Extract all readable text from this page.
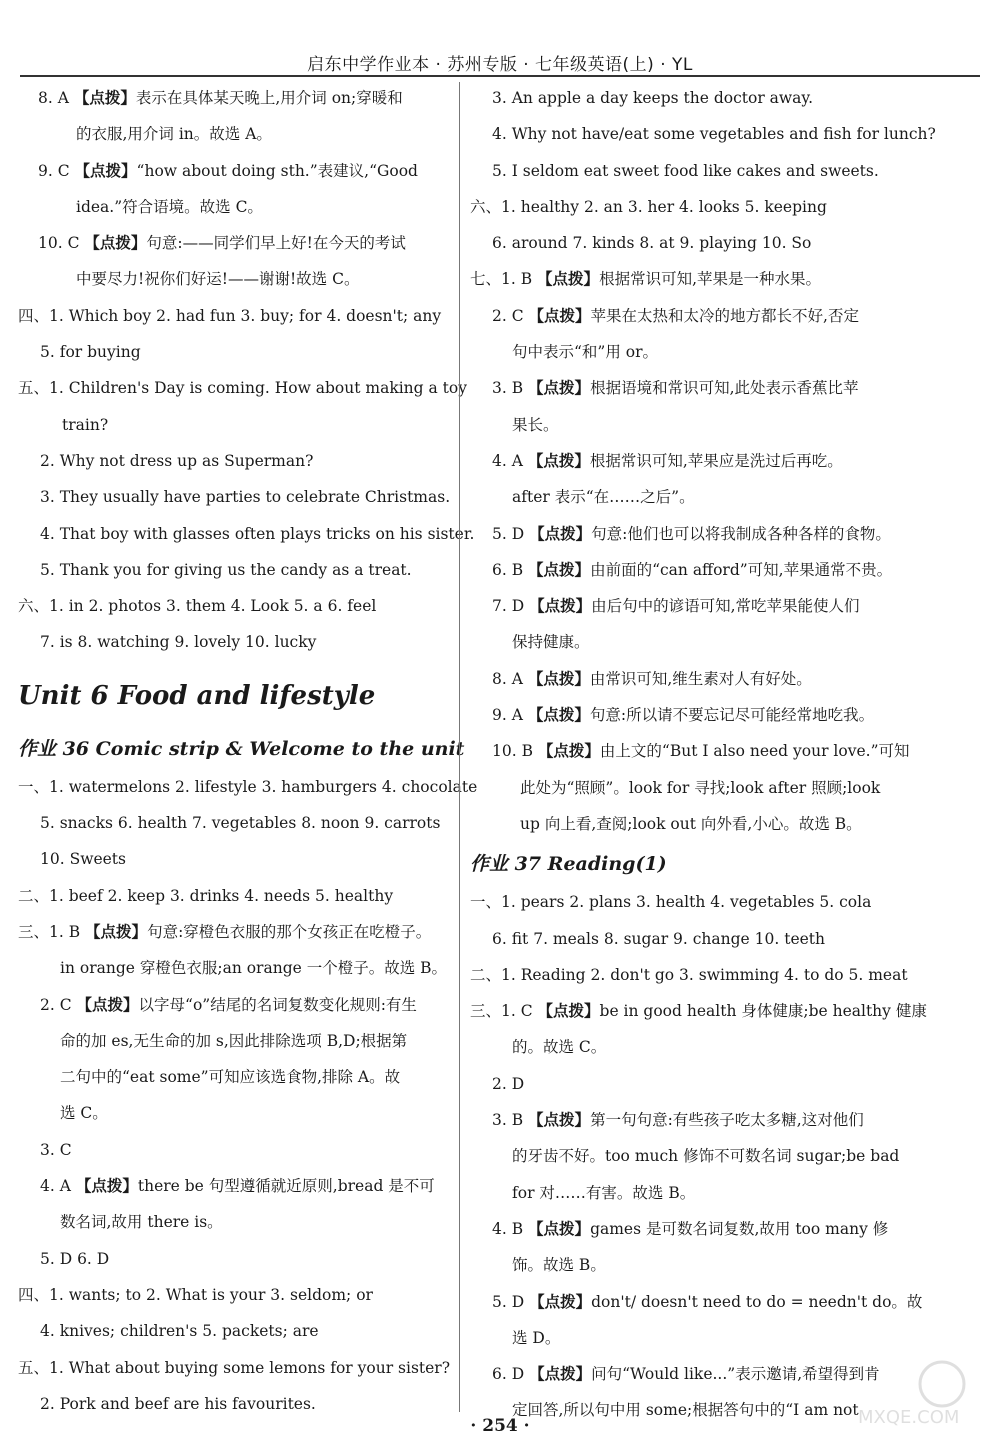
启东中学作业本 · 苏州专版 · 七年级英语(上) · YL
8. A 【点拨】表示在具体某天晚上,用介词 on;穿暖和
的衣服,用介词 in。故选 A。
9. C 【点拨】“how about doing sth.”表建议,“Good
idea.”符合语境。故选 C。
10. C 【点拨】句意:——同学们早上好!在今天的考试
中要尽力!祝你们好运!——谢谢!故选 C。
四、1. Which boy 2. had fun 3. buy; for 4. doesn't; any
5. for buying
五、1. Children's Day is coming. How about making a toy
train?
2. Why not dress up as Superman?
3. They usually have parties to celebrate Christmas.
4. That boy with glasses often plays tricks on his sister.
5. Thank you for giving us the candy as a treat.
六、1. in 2. photos 3. them 4. Look 5. a 6. feel
7. is 8. watching 9. lovely 10. lucky
Unit 6 Food and lifestyle
作业 36 Comic strip & Welcome to the unit
一、1. watermelons 2. lifestyle 3. hamburgers 4. chocolate
5. snacks 6. health 7. vegetables 8. noon 9. carrots
10. Sweets
二、1. beef 2. keep 3. drinks 4. needs 5. healthy
三、1. B 【点拨】句意:穿橙色衣服的那个女孩正在吃橙子。
in orange 穿橙色衣服;an orange 一个橙子。故选 B。
2. C 【点拨】以字母“o”结尾的名词复数变化规则:有生
命的加 es,无生命的加 s,因此排除选项 B,D;根据第
二句中的“eat some”可知应该选食物,排除 A。故
选 C。
3. C
4. A 【点拨】there be 句型遵循就近原则,bread 是不可
数名词,故用 there is。
5. D 6. D
四、1. wants; to 2. What is your 3. seldom; or
4. knives; children's 5. packets; are
五、1. What about buying some lemons for your sister?
2. Pork and beef are his favourites.
3. An apple a day keeps the doctor away.
4. Why not have/eat some vegetables and fish for lunch?
5. I seldom eat sweet food like cakes and sweets.
六、1. healthy 2. an 3. her 4. looks 5. keeping
6. around 7. kinds 8. at 9. playing 10. So
七、1. B 【点拨】根据常识可知,苹果是一种水果。
2. C 【点拨】苹果在太热和太冷的地方都长不好,否定
句中表示“和”用 or。
3. B 【点拨】根据语境和常识可知,此处表示香蕉比苹
果长。
4. A 【点拨】根据常识可知,苹果应是洗过后再吃。
after 表示“在……之后”。
5. D 【点拨】句意:他们也可以将我制成各种各样的食物。
6. B 【点拨】由前面的“can afford”可知,苹果通常不贵。
7. D 【点拨】由后句中的谚语可知,常吃苹果能使人们
保持健康。
8. A 【点拨】由常识可知,维生素对人有好处。
9. A 【点拨】句意:所以请不要忘记尽可能经常地吃我。
10. B 【点拨】由上文的“But I also need your love.”可知
此处为“照顾”。look for 寻找;look after 照顾;look
up 向上看,查阅;look out 向外看,小心。故选 B。
作业 37 Reading(1)
一、1. pears 2. plans 3. health 4. vegetables 5. cola
6. fit 7. meals 8. sugar 9. change 10. teeth
二、1. Reading 2. don't go 3. swimming 4. to do 5. meat
三、1. C 【点拨】be in good health 身体健康;be healthy 健康
的。故选 C。
2. D
3. B 【点拨】第一句句意:有些孩子吃太多糖,这对他们
的牙齿不好。too much 修饰不可数名词 sugar;be bad
for 对……有害。故选 B。
4. B 【点拨】games 是可数名词复数,故用 too many 修
饰。故选 B。
5. D 【点拨】don't/ doesn't need to do = needn't do。故
选 D。
6. D 【点拨】问句“Would like...”表示邀请,希望得到肯
定回答,所以句中用 some;根据答句中的“I am not
· 254 ·	MXQE.COM
